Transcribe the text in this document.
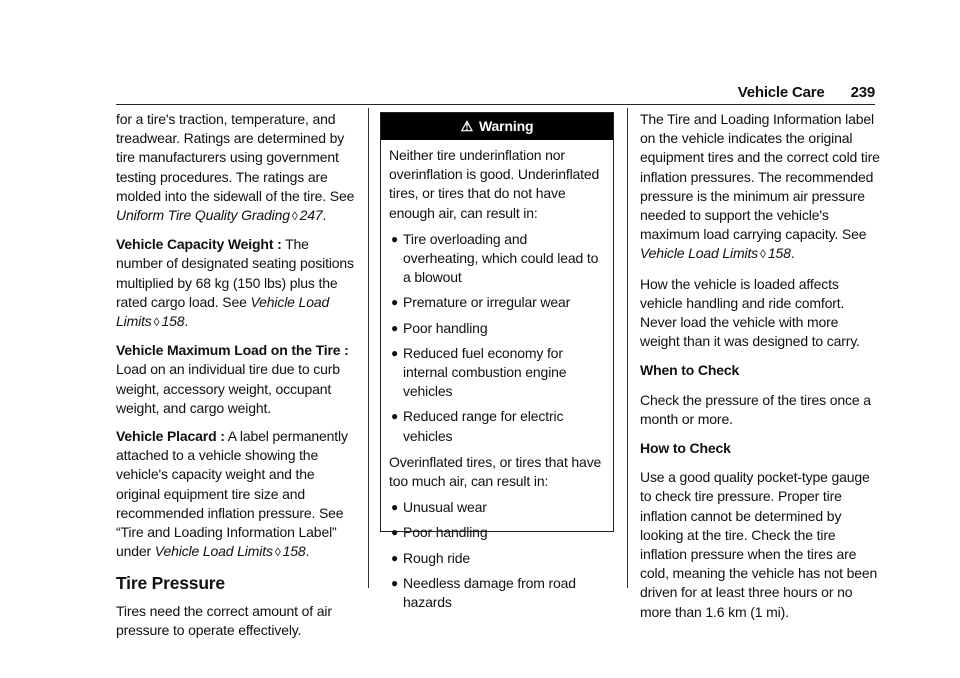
Vehicle Care 239

for a tire's traction, temperature, and treadwear. Ratings are determined by tire manufacturers using government testing procedures. The ratings are molded into the sidewall of the tire. See Uniform Tire Quality Grading ◊ 247.

Vehicle Capacity Weight : The number of designated seating positions multiplied by 68 kg (150 lbs) plus the rated cargo load. See Vehicle Load Limits ◊ 158.

Vehicle Maximum Load on the Tire : Load on an individual tire due to curb weight, accessory weight, occupant weight, and cargo weight.

Vehicle Placard : A label permanently attached to a vehicle showing the vehicle's capacity weight and the original equipment tire size and recommended inflation pressure. See “Tire and Loading Information Label” under Vehicle Load Limits ◊ 158.

Tire Pressure

Tires need the correct amount of air pressure to operate effectively.

⚠ Warning

Neither tire underinflation nor overinflation is good. Underinflated tires, or tires that do not have enough air, can result in:

● Tire overloading and overheating, which could lead to a blowout
● Premature or irregular wear
● Poor handling
● Reduced fuel economy for internal combustion engine vehicles
● Reduced range for electric vehicles

Overinflated tires, or tires that have too much air, can result in:

● Unusual wear
● Poor handling
● Rough ride
● Needless damage from road hazards

The Tire and Loading Information label on the vehicle indicates the original equipment tires and the correct cold tire inflation pressures. The recommended pressure is the minimum air pressure needed to support the vehicle's maximum load carrying capacity. See Vehicle Load Limits ◊ 158.

How the vehicle is loaded affects vehicle handling and ride comfort. Never load the vehicle with more weight than it was designed to carry.

When to Check

Check the pressure of the tires once a month or more.

How to Check

Use a good quality pocket-type gauge to check tire pressure. Proper tire inflation cannot be determined by looking at the tire. Check the tire inflation pressure when the tires are cold, meaning the vehicle has not been driven for at least three hours or no more than 1.6 km (1 mi).
